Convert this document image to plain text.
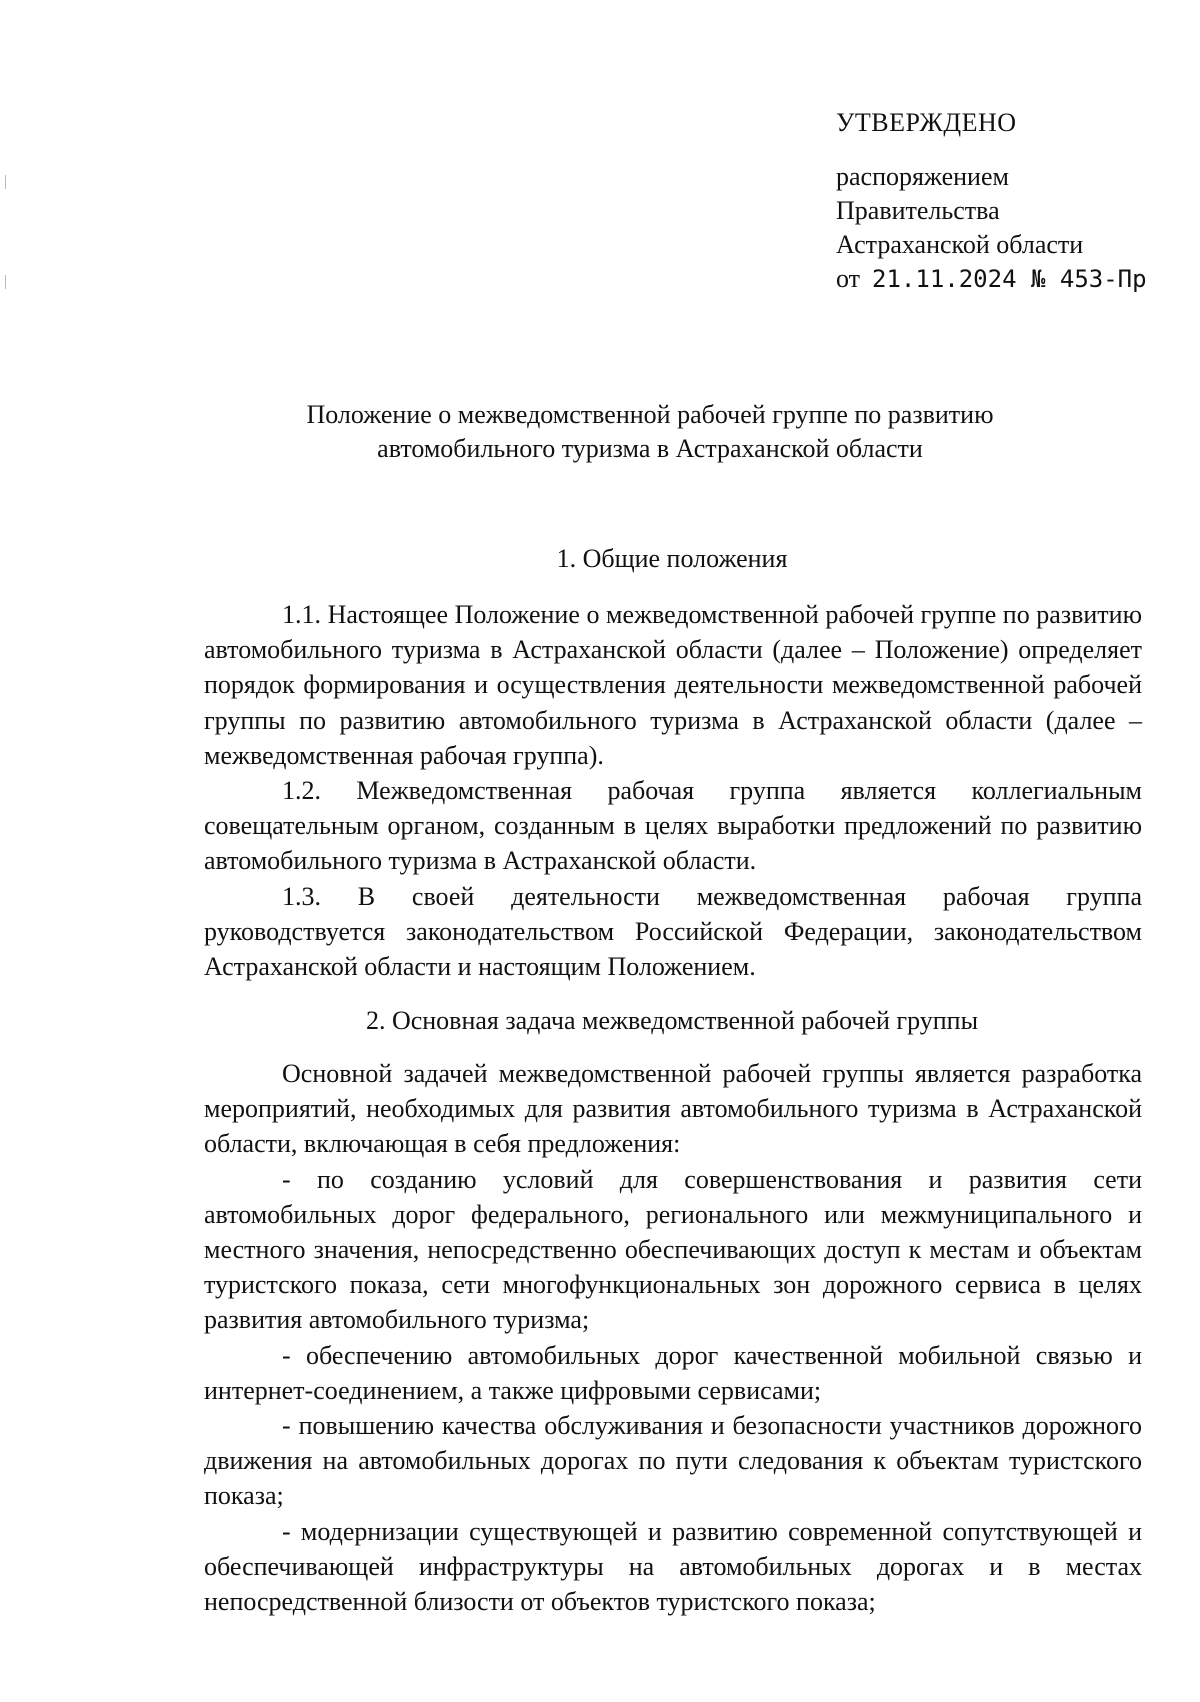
УТВЕРЖДЕНО
распоряжением
Правительства
Астраханской области
от 21.11.2024 № 453-Пр
Положение о межведомственной рабочей группе по развитию
автомобильного туризма в Астраханской области
1. Общие положения

1.1. Настоящее Положение о межведомственной рабочей группе по развитию автомобильного туризма в Астраханской области (далее – Положение) определяет порядок формирования и осуществления деятельности межведомственной рабочей группы по развитию автомобильного туризма в Астраханской области (далее – межведомственная рабочая группа).

1.2. Межведомственная рабочая группа является коллегиальным совещательным органом, созданным в целях выработки предложений по развитию автомобильного туризма в Астраханской области.

1.3. В своей деятельности межведомственная рабочая группа руководствуется законодательством Российской Федерации, законодательством Астраханской области и настоящим Положением.

2. Основная задача межведомственной рабочей группы

Основной задачей межведомственной рабочей группы является разработка мероприятий, необходимых для развития автомобильного туризма в Астраханской области, включающая в себя предложения:

- по созданию условий для совершенствования и развития сети автомобильных дорог федерального, регионального или межмуниципального и местного значения, непосредственно обеспечивающих доступ к местам и объектам туристского показа, сети многофункциональных зон дорожного сервиса в целях развития автомобильного туризма;

- обеспечению автомобильных дорог качественной мобильной связью и интернет-соединением, а также цифровыми сервисами;

- повышению качества обслуживания и безопасности участников дорожного движения на автомобильных дорогах по пути следования к объектам туристского показа;

- модернизации существующей и развитию современной сопутствующей и обеспечивающей инфраструктуры на автомобильных дорогах и в местах непосредственной близости от объектов туристского показа;
